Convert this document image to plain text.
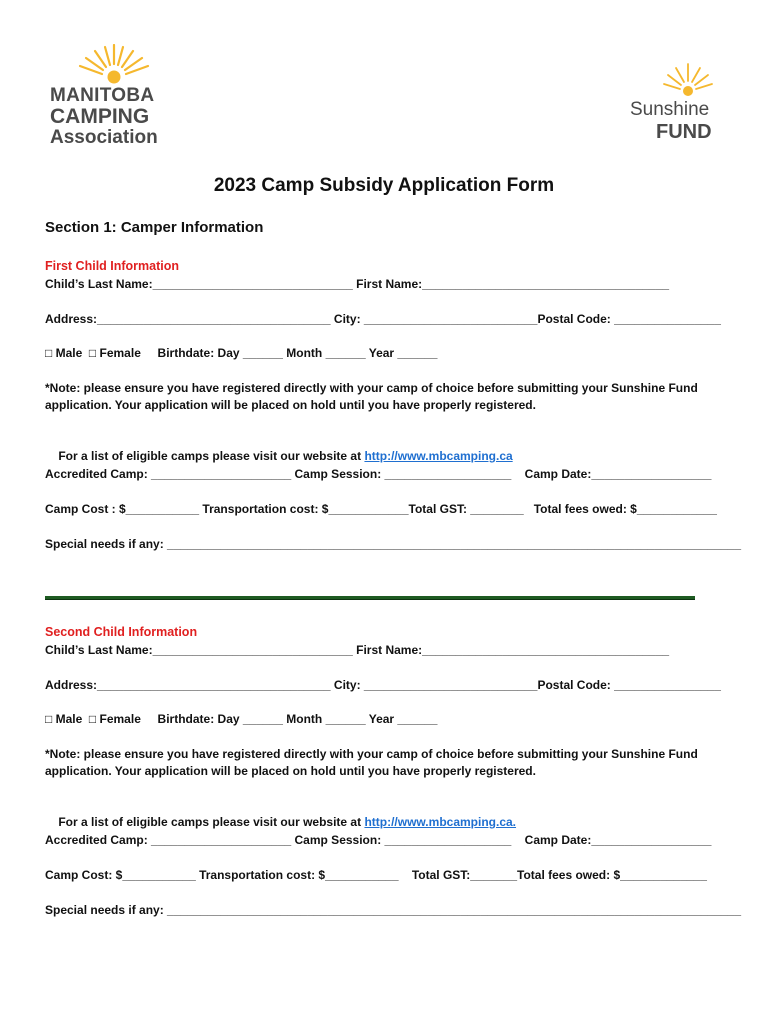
MANITOBA
CAMPING
Association
Sunshine
FUND
2023 Camp Subsidy Application Form
Section 1: Camper Information
First Child Information
Child’s Last Name:______________________________ First Name:_____________________________________
Address:___________________________________ City: __________________________Postal Code: ________________
□ Male  □ Female     Birthdate: Day ______ Month ______ Year ______
*Note: please ensure you have registered directly with your camp of choice before submitting your Sunshine Fund
application. Your application will be placed on hold until you have properly registered.

For a list of eligible camps please visit our website at http://www.mbcamping.ca

Accredited Camp: _____________________ Camp Session: ___________________    Camp Date:__________________
Camp Cost : $___________ Transportation cost: $____________Total GST: ________   Total fees owed: $____________
Special needs if any: ______________________________________________________________________________________
Second Child Information
Child’s Last Name:______________________________ First Name:_____________________________________
Address:___________________________________ City: __________________________Postal Code: ________________
□ Male  □ Female     Birthdate: Day ______ Month ______ Year ______
*Note: please ensure you have registered directly with your camp of choice before submitting your Sunshine Fund
application. Your application will be placed on hold until you have properly registered.

For a list of eligible camps please visit our website at http://www.mbcamping.ca.

Accredited Camp: _____________________ Camp Session: ___________________    Camp Date:__________________
Camp Cost: $___________ Transportation cost: $___________    Total GST:_______Total fees owed: $_____________
Special needs if any: ______________________________________________________________________________________
